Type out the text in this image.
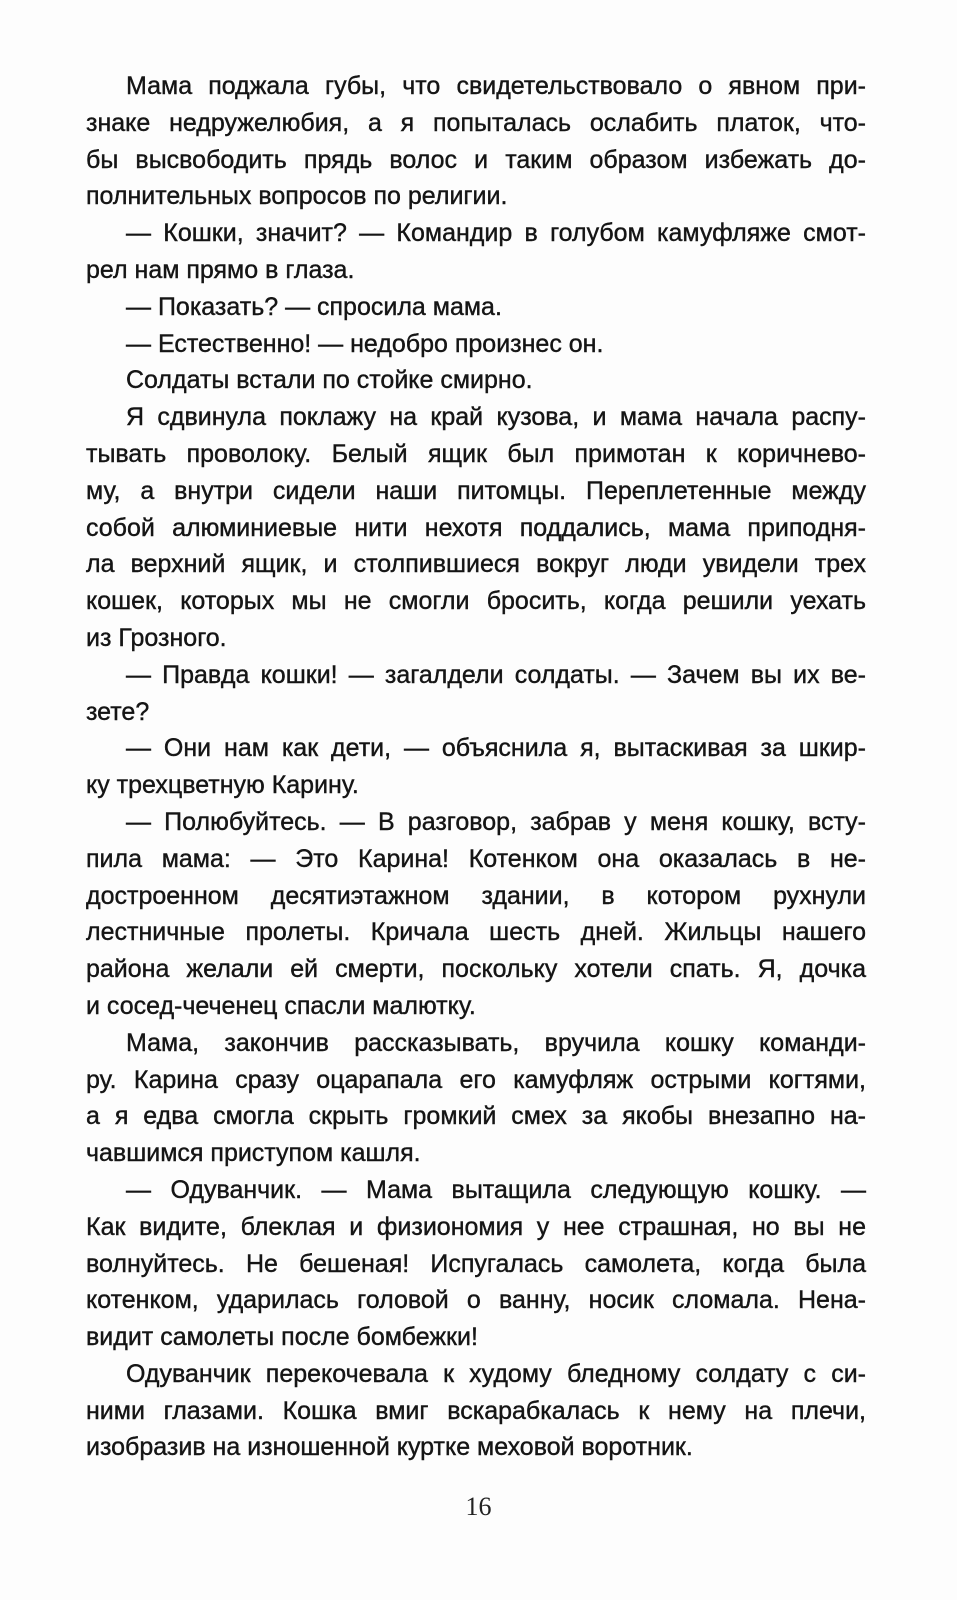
Мама поджала губы, что свидетельствовало о явном при-
знаке недружелюбия, а я попыталась ослабить платок, что-
бы высвободить прядь волос и таким образом избежать до-
полнительных вопросов по религии.
— Кошки, значит? — Командир в голубом камуфляже смот-
рел нам прямо в глаза.
— Показать? — спросила мама.
— Естественно! — недобро произнес он.
Солдаты встали по стойке смирно.
Я сдвинула поклажу на край кузова, и мама начала распу-
тывать проволоку. Белый ящик был примотан к коричнево-
му, а внутри сидели наши питомцы. Переплетенные между
собой алюминиевые нити нехотя поддались, мама приподня-
ла верхний ящик, и столпившиеся вокруг люди увидели трех
кошек, которых мы не смогли бросить, когда решили уехать
из Грозного.
— Правда кошки! — загалдели солдаты. — Зачем вы их ве-
зете?
— Они нам как дети, — объяснила я, вытаскивая за шкир-
ку трехцветную Карину.
— Полюбуйтесь. — В разговор, забрав у меня кошку, всту-
пила мама: — Это Карина! Котенком она оказалась в не-
достроенном десятиэтажном здании, в котором рухнули
лестничные пролеты. Кричала шесть дней. Жильцы нашего
района желали ей смерти, поскольку хотели спать. Я, дочка
и сосед-чеченец спасли малютку.
Мама, закончив рассказывать, вручила кошку команди-
ру. Карина сразу оцарапала его камуфляж острыми когтями,
а я едва смогла скрыть громкий смех за якобы внезапно на-
чавшимся приступом кашля.
— Одуванчик. — Мама вытащила следующую кошку. —
Как видите, блеклая и физиономия у нее страшная, но вы не
волнуйтесь. Не бешеная! Испугалась самолета, когда была
котенком, ударилась головой о ванну, носик сломала. Нена-
видит самолеты после бомбежки!
Одуванчик перекочевала к худому бледному солдату с си-
ними глазами. Кошка вмиг вскарабкалась к нему на плечи,
изобразив на изношенной куртке меховой воротник.
16
